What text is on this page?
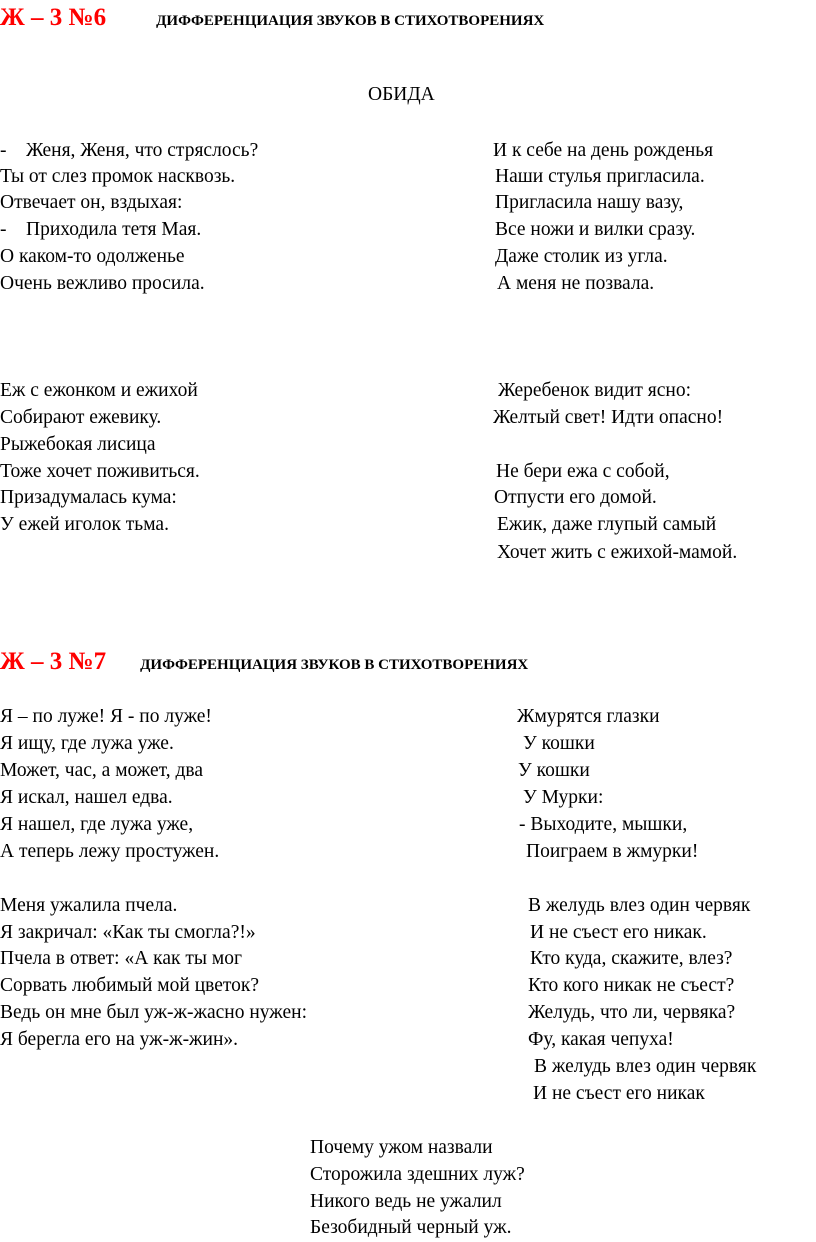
Ж – 3 №6	ДИФФЕРЕНЦИАЦИЯ ЗВУКОВ В СТИХОТВОРЕНИЯХ
ОБИДА
-    Женя, Женя, что стряслось?
Ты от слез промок насквозь.
Отвечает он, вздыхая:
-    Приходила тетя Мая.
О каком-то одолженье
Очень вежливо просила.
И к себе на день рожденья
Наши стулья пригласила.
Пригласила нашу вазу,
Все ножи и вилки сразу.
Даже столик из угла.
А меня не позвала.
Еж с ежонком и ежихой
Собирают ежевику.
Рыжебокая лисица
Тоже хочет поживиться.
Призадумалась кума:
У ежей иголок тьма.
Жеребенок видит ясно:
Желтый свет! Идти опасно!
Не бери ежа с собой,
Отпусти его домой.
Ежик, даже глупый самый
Хочет жить с ежихой-мамой.
Ж – 3 №7 ДИФФЕРЕНЦИАЦИЯ ЗВУКОВ В СТИХОТВОРЕНИЯХ
Я – по луже! Я - по луже!
Я ищу, где лужа уже.
Может, час, а может, два
Я искал, нашел едва.
Я нашел, где лужа уже,
А теперь лежу простужен.
Жмурятся глазки
У кошки
У кошки
У Мурки:
- Выходите, мышки,
Поиграем в жмурки!
Меня ужалила пчела.
Я закричал: «Как ты смогла?!»
Пчела в ответ: «А как ты мог
Сорвать любимый мой цветок?
Ведь он мне был уж-ж-жасно нужен:
Я берегла его на уж-ж-жин».
В желудь влез один червяк
И не съест его никак.
Кто куда, скажите, влез?
Кто кого никак не съест?
Желудь, что ли, червяка?
Фу, какая чепуха!
В желудь влез один червяк
И не съест его никак
Почему ужом назвали
Сторожила здешних луж?
Никого ведь не ужалил
Безобидный черный уж.
